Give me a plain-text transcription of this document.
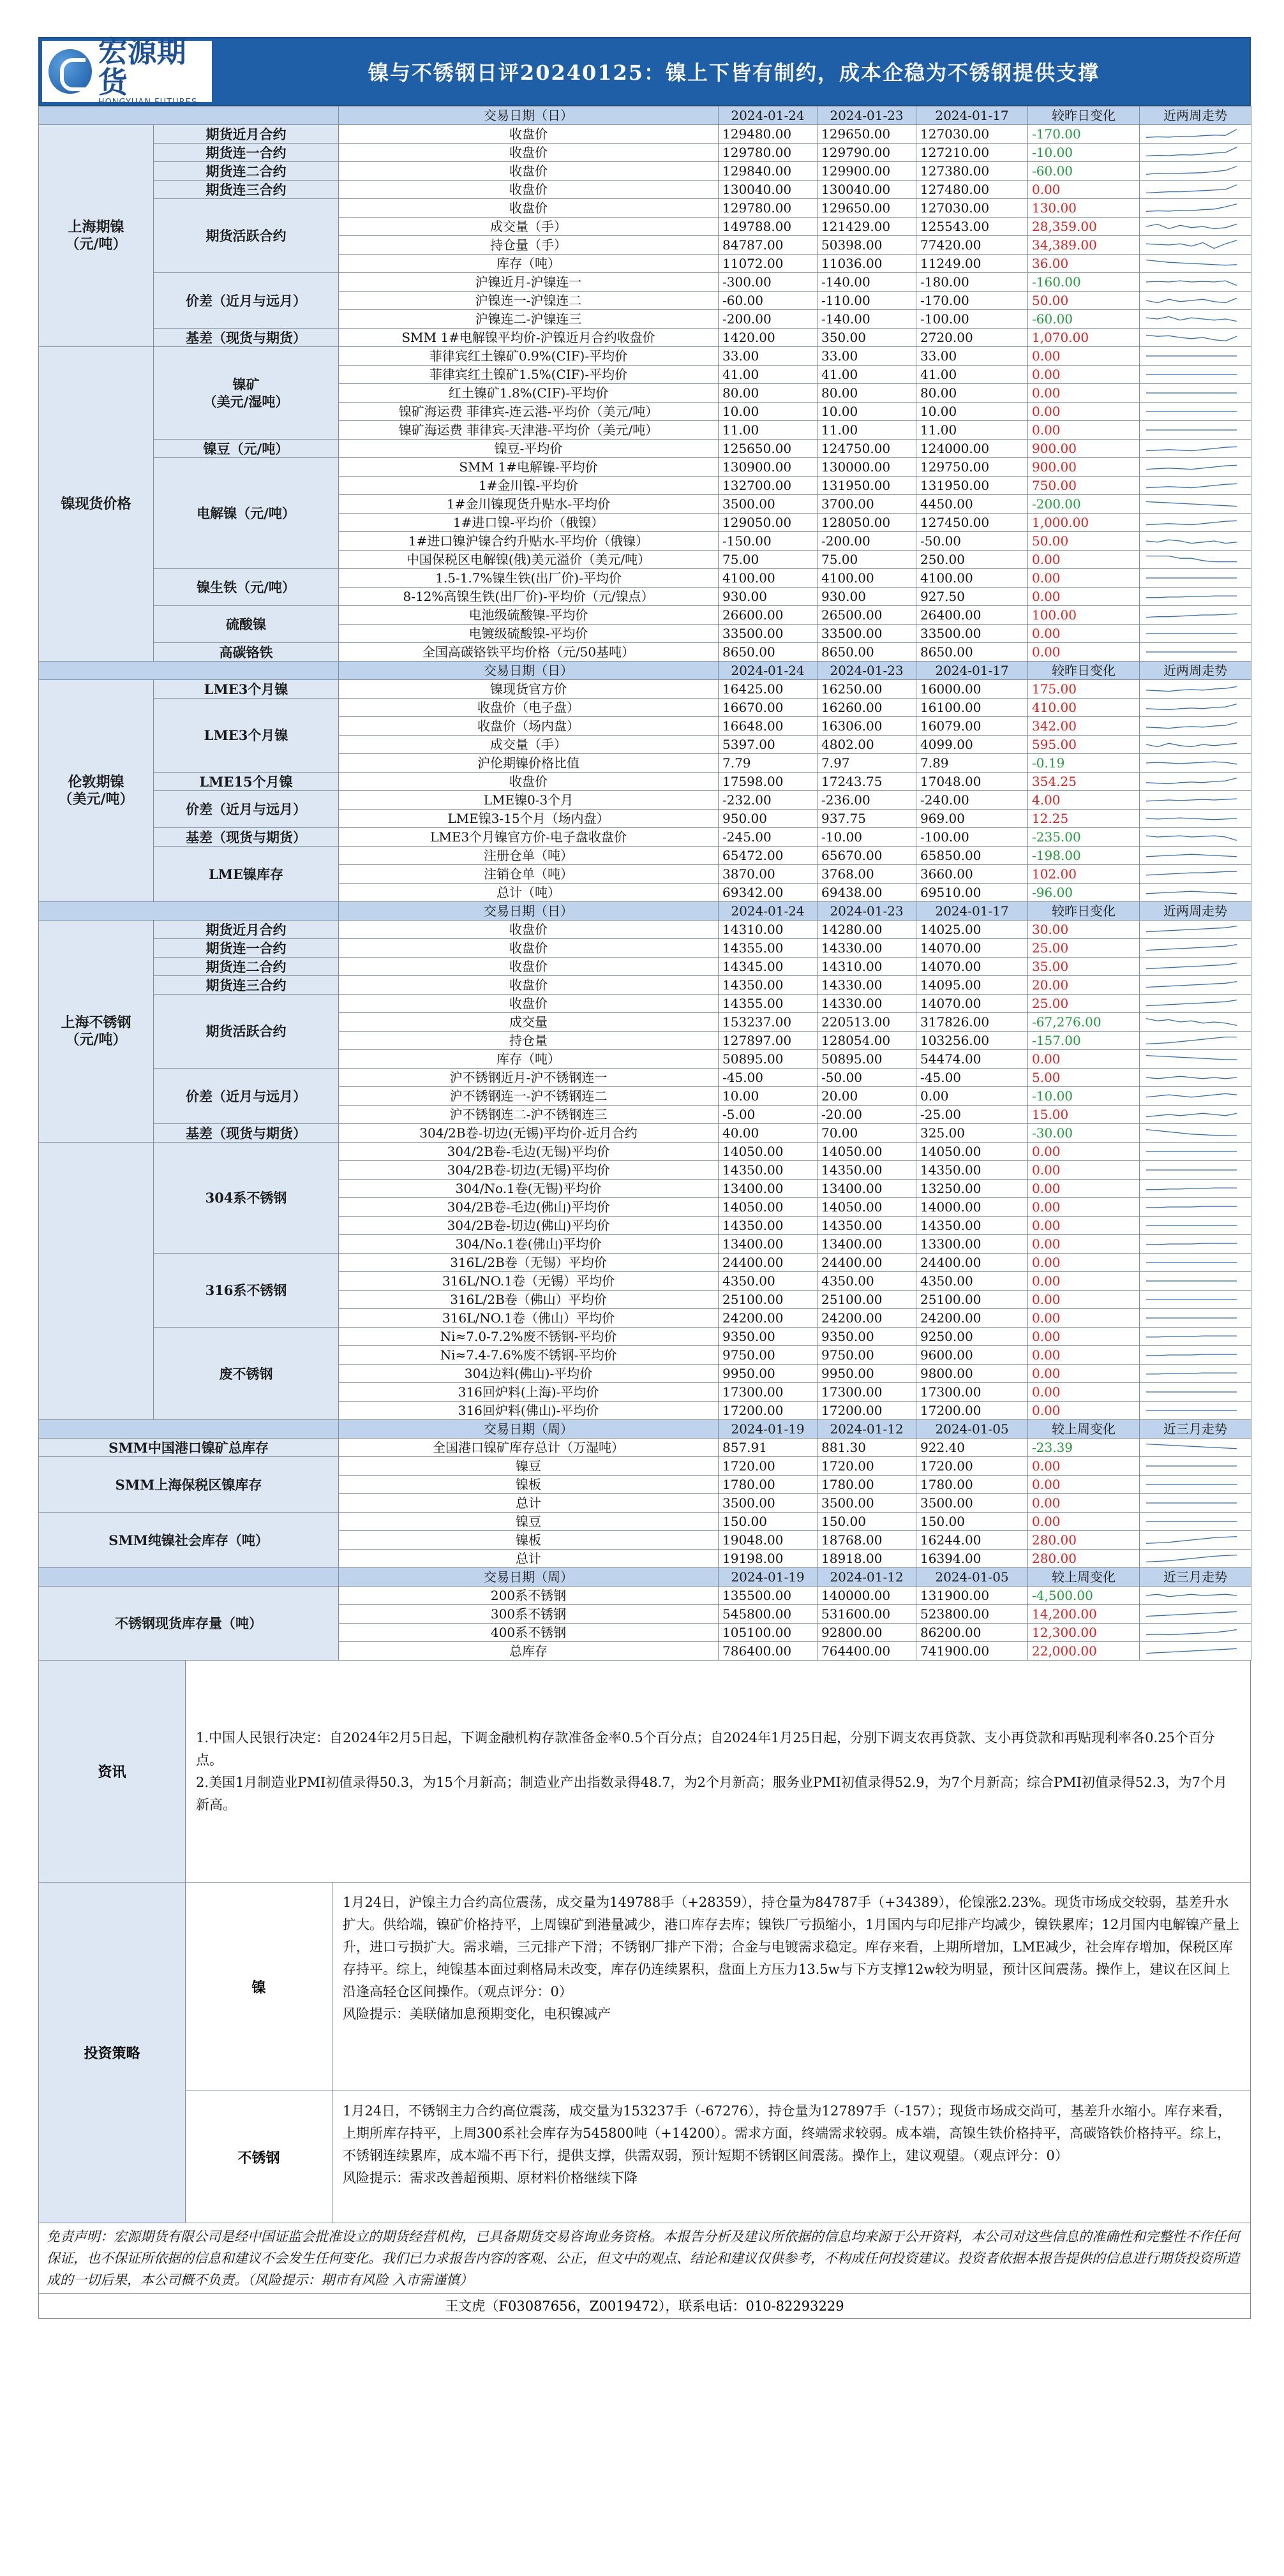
宏源期货
HONGYUAN FUTURES
镍与不锈钢日评20240125：镍上下皆有制约，成本企稳为不锈钢提供支撑
		交易日期（日）	2024-01-24	2024-01-23	2024-01-17	较昨日变化	近两周走势
上海期镍
（元/吨）	期货近月合约	收盘价	129480.00	129650.00	127030.00	-170.00	

	期货连一合约	收盘价	129780.00	129790.00	127210.00	-10.00	

	期货连二合约	收盘价	129840.00	129900.00	127380.00	-60.00	

	期货连三合约	收盘价	130040.00	130040.00	127480.00	0.00	

	期货活跃合约	收盘价	129780.00	129650.00	127030.00	130.00	

		成交量（手）	149788.00	121429.00	125543.00	28,359.00	

		持仓量（手）	84787.00	50398.00	77420.00	34,389.00	

		库存（吨）	11072.00	11036.00	11249.00	36.00	

	价差（近月与远月）	沪镍近月-沪镍连一	-300.00	-140.00	-180.00	-160.00	

		沪镍连一-沪镍连二	-60.00	-110.00	-170.00	50.00	

		沪镍连二-沪镍连三	-200.00	-140.00	-100.00	-60.00	

	基差（现货与期货）	SMM 1#电解镍平均价-沪镍近月合约收盘价	1420.00	350.00	2720.00	1,070.00	

镍现货价格	镍矿
（美元/湿吨）	菲律宾红土镍矿0.9%(CIF)-平均价	33.00	33.00	33.00	0.00	

		菲律宾红土镍矿1.5%(CIF)-平均价	41.00	41.00	41.00	0.00	

		红土镍矿1.8%(CIF)-平均价	80.00	80.00	80.00	0.00	

		镍矿海运费 菲律宾-连云港-平均价（美元/吨）	10.00	10.00	10.00	0.00	

		镍矿海运费 菲律宾-天津港-平均价（美元/吨）	11.00	11.00	11.00	0.00	

	镍豆（元/吨）	镍豆-平均价	125650.00	124750.00	124000.00	900.00	

	电解镍（元/吨）	SMM 1#电解镍-平均价	130900.00	130000.00	129750.00	900.00	

		1#金川镍-平均价	132700.00	131950.00	131950.00	750.00	

		1#金川镍现货升贴水-平均价	3500.00	3700.00	4450.00	-200.00	

		1#进口镍-平均价（俄镍）	129050.00	128050.00	127450.00	1,000.00	

		1#进口镍沪镍合约升贴水-平均价（俄镍）	-150.00	-200.00	-50.00	50.00	

		中国保税区电解镍(俄)美元溢价（美元/吨）	75.00	75.00	250.00	0.00	

	镍生铁（元/吨）	1.5-1.7%镍生铁(出厂价)-平均价	4100.00	4100.00	4100.00	0.00	

		8-12%高镍生铁(出厂价)-平均价（元/镍点）	930.00	930.00	927.50	0.00	

	硫酸镍	电池级硫酸镍-平均价	26600.00	26500.00	26400.00	100.00	

		电镀级硫酸镍-平均价	33500.00	33500.00	33500.00	0.00	

	高碳铬铁	全国高碳铬铁平均价格（元/50基吨）	8650.00	8650.00	8650.00	0.00	

		交易日期（日）	2024-01-24	2024-01-23	2024-01-17	较昨日变化	近两周走势
伦敦期镍
（美元/吨）	LME3个月镍	镍现货官方价	16425.00	16250.00	16000.00	175.00	

	LME3个月镍	收盘价（电子盘）	16670.00	16260.00	16100.00	410.00	

		收盘价（场内盘）	16648.00	16306.00	16079.00	342.00	

		成交量（手）	5397.00	4802.00	4099.00	595.00	

		沪伦期镍价格比值	7.79	7.97	7.89	-0.19	

	LME15个月镍	收盘价	17598.00	17243.75	17048.00	354.25	

	价差（近月与远月）	LME镍0-3个月	-232.00	-236.00	-240.00	4.00	

		LME镍3-15个月（场内盘）	950.00	937.75	969.00	12.25	

	基差（现货与期货）	LME3个月镍官方价-电子盘收盘价	-245.00	-10.00	-100.00	-235.00	

	LME镍库存	注册仓单（吨）	65472.00	65670.00	65850.00	-198.00	

		注销仓单（吨）	3870.00	3768.00	3660.00	102.00	

		总计（吨）	69342.00	69438.00	69510.00	-96.00	

		交易日期（日）	2024-01-24	2024-01-23	2024-01-17	较昨日变化	近两周走势
上海不锈钢
（元/吨）	期货近月合约	收盘价	14310.00	14280.00	14025.00	30.00	

	期货连一合约	收盘价	14355.00	14330.00	14070.00	25.00	

	期货连二合约	收盘价	14345.00	14310.00	14070.00	35.00	

	期货连三合约	收盘价	14350.00	14330.00	14095.00	20.00	

	期货活跃合约	收盘价	14355.00	14330.00	14070.00	25.00	

		成交量	153237.00	220513.00	317826.00	-67,276.00	

		持仓量	127897.00	128054.00	103256.00	-157.00	

		库存（吨）	50895.00	50895.00	54474.00	0.00	

	价差（近月与远月）	沪不锈钢近月-沪不锈钢连一	-45.00	-50.00	-45.00	5.00	

		沪不锈钢连一-沪不锈钢连二	10.00	20.00	0.00	-10.00	

		沪不锈钢连二-沪不锈钢连三	-5.00	-20.00	-25.00	15.00	

	基差（现货与期货）	304/2B卷-切边(无锡)平均价-近月合约	40.00	70.00	325.00	-30.00	

	304系不锈钢	304/2B卷-毛边(无锡)平均价	14050.00	14050.00	14050.00	0.00	

		304/2B卷-切边(无锡)平均价	14350.00	14350.00	14350.00	0.00	

		304/No.1卷(无锡)平均价	13400.00	13400.00	13250.00	0.00	

		304/2B卷-毛边(佛山)平均价	14050.00	14050.00	14000.00	0.00	

		304/2B卷-切边(佛山)平均价	14350.00	14350.00	14350.00	0.00	

		304/No.1卷(佛山)平均价	13400.00	13400.00	13300.00	0.00	

	316系不锈钢	316L/2B卷（无锡）平均价	24400.00	24400.00	24400.00	0.00	

		316L/NO.1卷（无锡）平均价	4350.00	4350.00	4350.00	0.00	

		316L/2B卷（佛山）平均价	25100.00	25100.00	25100.00	0.00	

		316L/NO.1卷（佛山）平均价	24200.00	24200.00	24200.00	0.00	

	废不锈钢	Ni≈7.0-7.2%废不锈钢-平均价	9350.00	9350.00	9250.00	0.00	

		Ni≈7.4-7.6%废不锈钢-平均价	9750.00	9750.00	9600.00	0.00	

		304边料(佛山)-平均价	9950.00	9950.00	9800.00	0.00	

		316回炉料(上海)-平均价	17300.00	17300.00	17300.00	0.00	

		316回炉料(佛山)-平均价	17200.00	17200.00	17200.00	0.00	

		交易日期（周）	2024-01-19	2024-01-12	2024-01-05	较上周变化	近三月走势
SMM中国港口镍矿总库存		全国港口镍矿库存总计（万湿吨）	857.91	881.30	922.40	-23.39	

SMM上海保税区镍库存		镍豆	1720.00	1720.00	1720.00	0.00	

		镍板	1780.00	1780.00	1780.00	0.00	

		总计	3500.00	3500.00	3500.00	0.00	

SMM纯镍社会库存（吨）		镍豆	150.00	150.00	150.00	0.00	

		镍板	19048.00	18768.00	16244.00	280.00	

		总计	19198.00	18918.00	16394.00	280.00	

		交易日期（周）	2024-01-19	2024-01-12	2024-01-05	较上周变化	近三月走势
不锈钢现货库存量（吨）		200系不锈钢	135500.00	140000.00	131900.00	-4,500.00	

		300系不锈钢	545800.00	531600.00	523800.00	14,200.00	

		400系不锈钢	105100.00	92800.00	86200.00	12,300.00	

		总库存	786400.00	764400.00	741900.00	22,000.00	
资讯

1.中国人民银行决定：自2024年2月5日起，下调金融机构存款准备金率0.5个百分点；自2024年1月25日起，分别下调支农再贷款、支小再贷款和再贴现利率各0.25个百分点。
2.美国1月制造业PMI初值录得50.3，为15个月新高；制造业产出指数录得48.7，为2个月新高；服务业PMI初值录得52.9，为7个月新高；综合PMI初值录得52.3，为7个月新高。

投资策略
镍

1月24日，沪镍主力合约高位震荡，成交量为149788手（+28359），持仓量为84787手（+34389），伦镍涨2.23%。现货市场成交较弱，基差升水扩大。供给端，镍矿价格持平，上周镍矿到港量减少，港口库存去库；镍铁厂亏损缩小，1月国内与印尼排产均减少，镍铁累库；12月国内电解镍产量上升，进口亏损扩大。需求端，三元排产下滑；不锈钢厂排产下滑；合金与电镀需求稳定。库存来看，上期所增加，LME减少，社会库存增加，保税区库存持平。综上，纯镍基本面过剩格局未改变，库存仍连续累积，盘面上方压力13.5w与下方支撑12w较为明显，预计区间震荡。操作上，建议在区间上沿逢高轻仓区间操作。（观点评分：0）
风险提示：美联储加息预期变化，电积镍减产

不锈钢

1月24日，不锈钢主力合约高位震荡，成交量为153237手（-67276），持仓量为127897手（-157）；现货市场成交尚可，基差升水缩小。库存来看，上期所库存持平，上周300系社会库存为545800吨（+14200）。需求方面，终端需求较弱。成本端，高镍生铁价格持平，高碳铬铁价格持平。综上，不锈钢连续累库，成本端不再下行，提供支撑，供需双弱，预计短期不锈钢区间震荡。操作上，建议观望。（观点评分：0）
风险提示：需求改善超预期、原材料价格继续下降

免责声明：宏源期货有限公司是经中国证监会批准设立的期货经营机构，已具备期货交易咨询业务资格。本报告分析及建议所依据的信息均来源于公开资料，本公司对这些信息的准确性和完整性不作任何保证，也不保证所依据的信息和建议不会发生任何变化。我们已力求报告内容的客观、公正，但文中的观点、结论和建议仅供参考，不构成任何投资建议。投资者依据本报告提供的信息进行期货投资所造成的一切后果，本公司概不负责。（风险提示：期市有风险 入市需谨慎）
王文虎（F03087656，Z0019472），联系电话：010-82293229
